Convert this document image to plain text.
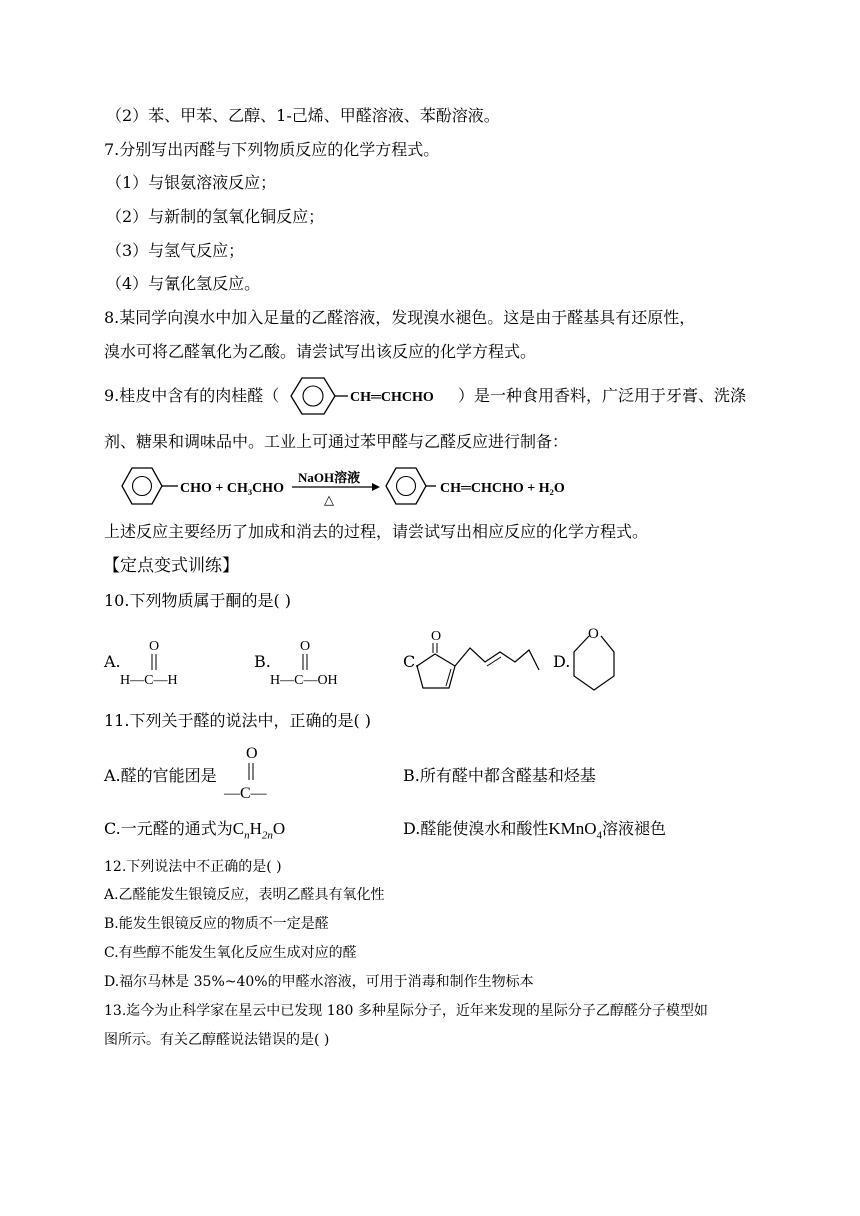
（2）苯、甲苯、乙醇、1-己烯、甲醛溶液、苯酚溶液。
7.分别写出丙醛与下列物质反应的化学方程式。
（1）与银氨溶液反应；
（2）与新制的氢氧化铜反应；
（3）与氢气反应；
（4）与氰化氢反应。
8.某同学向溴水中加入足量的乙醛溶液，发现溴水褪色。这是由于醛基具有还原性，
溴水可将乙醛氧化为乙酸。请尝试写出该反应的化学方程式。
9.桂皮中含有的肉桂醛（	CH═CHCHO ）是一种食用香料，广泛用于牙膏、洗涤
剂、糖果和调味品中。工业上可通过苯甲醛与乙醛反应进行制备：
CHO + CH₃CHO
NaOH溶液
△
CH═CHCHO + H₂O
上述反应主要经历了加成和消去的过程，请尝试写出相应反应的化学方程式。
【定点变式训练】
10.下列物质属于酮的是( )
A.
O
H—C—H
B.
O
H—C—OH
C.
O
D.
O
11.下列关于醛的说法中，正确的是( )
A.醛的官能团是
O
—C—
B.所有醛中都含醛基和烃基
C.一元醛的通式为$C_nH_{2n}O$	D.醛能使溴水和酸性KMnO$_4$溶液褪色
12.下列说法中不正确的是( )
A.乙醛能发生银镜反应，表明乙醛具有氧化性
B.能发生银镜反应的物质不一定是醛
C.有些醇不能发生氧化反应生成对应的醛
D.福尔马林是 35%~40%的甲醛水溶液，可用于消毒和制作生物标本
13.迄今为止科学家在星云中已发现 180 多种星际分子，近年来发现的星际分子乙醇醛分子模型如
图所示。有关乙醇醛说法错误的是( )
